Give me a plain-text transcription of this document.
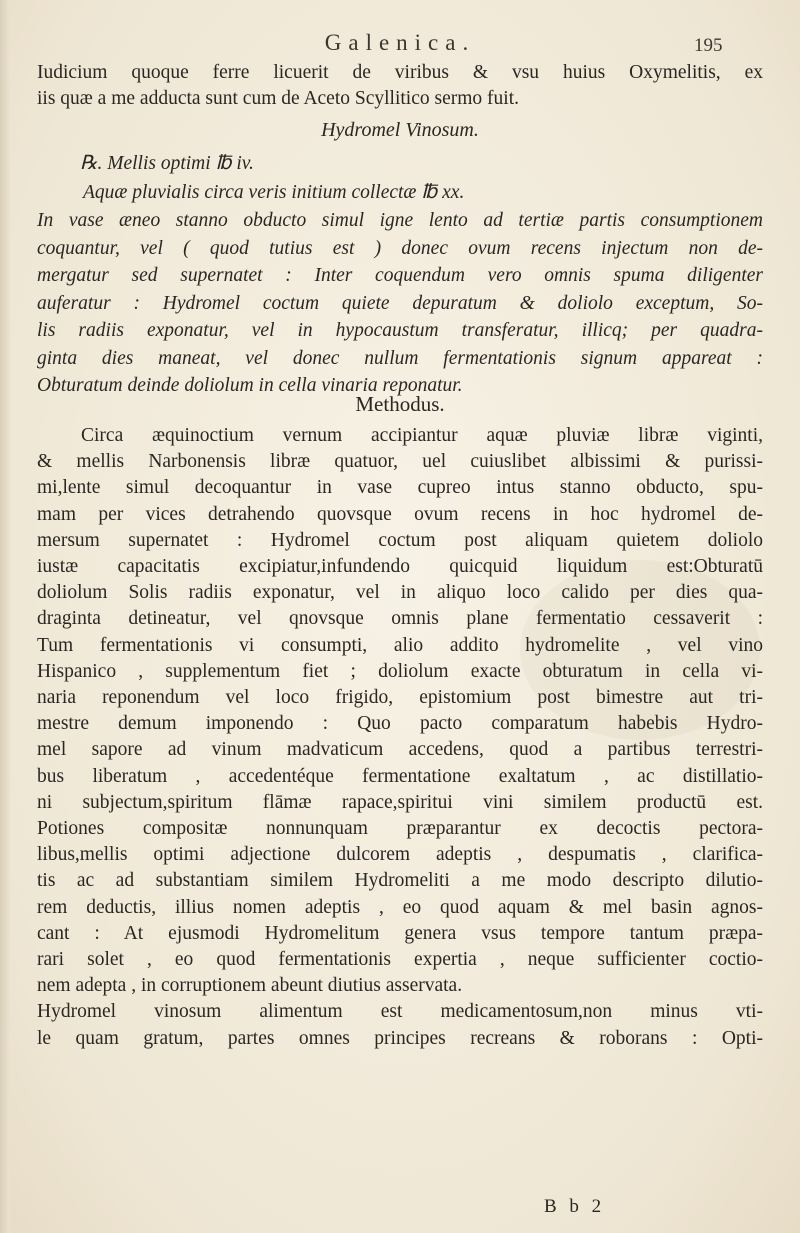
Galenica.	195
Iudicium quoque ferre licuerit de viribus & vsu huius Oxymelitis, ex
iis quæ a me adducta sunt cum de Aceto Scyllitico sermo fuit.
Hydromel Vinosum.
℞. Mellis optimi ℔ iv.
Aquæ pluvialis circa veris initium collectæ ℔ xx.
In vase æneo stanno obducto simul igne lento ad tertiæ partis consumptionem
coquantur, vel ( quod tutius est ) donec ovum recens injectum non de-
mergatur sed supernatet : Inter coquendum vero omnis spuma diligenter
auferatur : Hydromel coctum quiete depuratum & doliolo exceptum, So-
lis radiis exponatur, vel in hypocaustum transferatur, illicq; per quadra-
ginta dies maneat, vel donec nullum fermentationis signum appareat :
Obturatum deinde doliolum in cella vinaria reponatur.
Methodus.
Circa æquinoctium vernum accipiantur aquæ pluviæ libræ viginti,
& mellis Narbonensis libræ quatuor, uel cuiuslibet albissimi & purissi-
mi,lente simul decoquantur in vase cupreo intus stanno obducto, spu-
mam per vices detrahendo quovsque ovum recens in hoc hydromel de-
mersum supernatet : Hydromel coctum post aliquam quietem doliolo
iustæ capacitatis excipiatur,infundendo quicquid liquidum est:Obturatū
doliolum Solis radiis exponatur, vel in aliquo loco calido per dies qua-
draginta detineatur, vel qnovsque omnis plane fermentatio cessaverit :
Tum fermentationis vi consumpti, alio addito hydromelite , vel vino
Hispanico , supplementum fiet ; doliolum exacte obturatum in cella vi-
naria reponendum vel loco frigido, epistomium post bimestre aut tri-
mestre demum imponendo : Quo pacto comparatum habebis Hydro-
mel sapore ad vinum madvaticum accedens, quod a partibus terrestri-
bus liberatum , accedentéque fermentatione exaltatum , ac distillatio-
ni subjectum,spiritum flāmæ rapace,spiritui vini similem productū est.
Potiones compositæ nonnunquam præparantur ex decoctis pectora-
libus,mellis optimi adjectione dulcorem adeptis , despumatis , clarifica-
tis ac ad substantiam similem Hydromeliti a me modo descripto dilutio-
rem deductis, illius nomen adeptis , eo quod aquam & mel basin agnos-
cant : At ejusmodi Hydromelitum genera vsus tempore tantum præpa-
rari solet , eo quod fermentationis expertia , neque sufficienter coctio-
nem adepta , in corruptionem abeunt diutius asservata.
Hydromel vinosum alimentum est medicamentosum,non minus vti-
le quam gratum, partes omnes principes recreans & roborans : Opti-
B b 2
